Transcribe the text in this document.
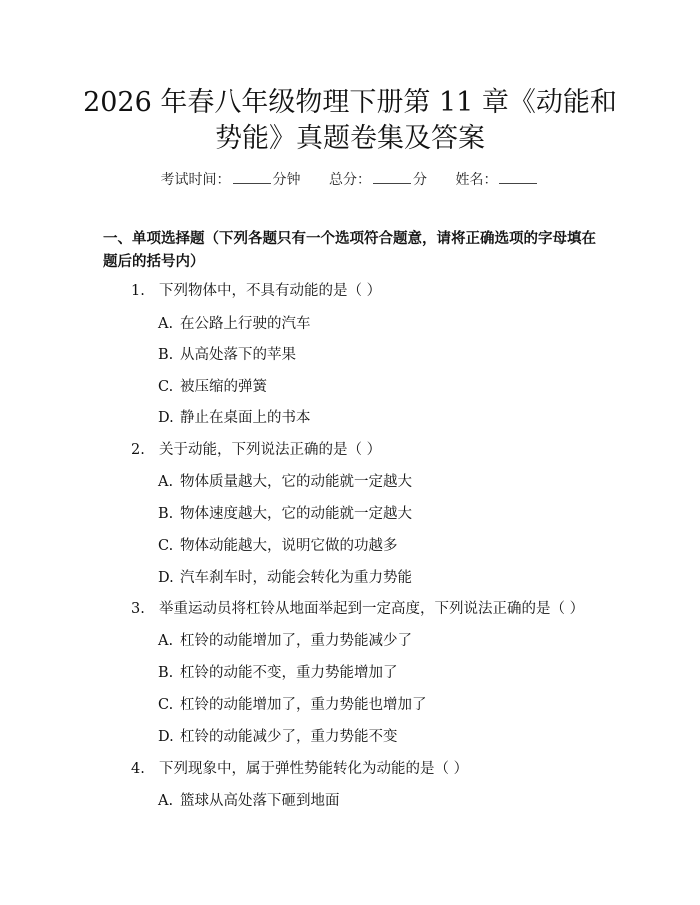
2026 年春八年级物理下册第 11 章《动能和
势能》真题卷集及答案
考试时间：	分钟 总分：	分 姓名：
一、单项选择题（下列各题只有一个选项符合题意，请将正确选项的字母填在题后的括号内）
1. 下列物体中，不具有动能的是（ ）
A. 在公路上行驶的汽车
B. 从高处落下的苹果
C. 被压缩的弹簧
D. 静止在桌面上的书本
2. 关于动能，下列说法正确的是（ ）
A. 物体质量越大，它的动能就一定越大
B. 物体速度越大，它的动能就一定越大
C. 物体动能越大，说明它做的功越多
D. 汽车刹车时，动能会转化为重力势能
3. 举重运动员将杠铃从地面举起到一定高度，下列说法正确的是（ ）
A. 杠铃的动能增加了，重力势能减少了
B. 杠铃的动能不变，重力势能增加了
C. 杠铃的动能增加了，重力势能也增加了
D. 杠铃的动能减少了，重力势能不变
4. 下列现象中，属于弹性势能转化为动能的是（ ）
A. 篮球从高处落下砸到地面
